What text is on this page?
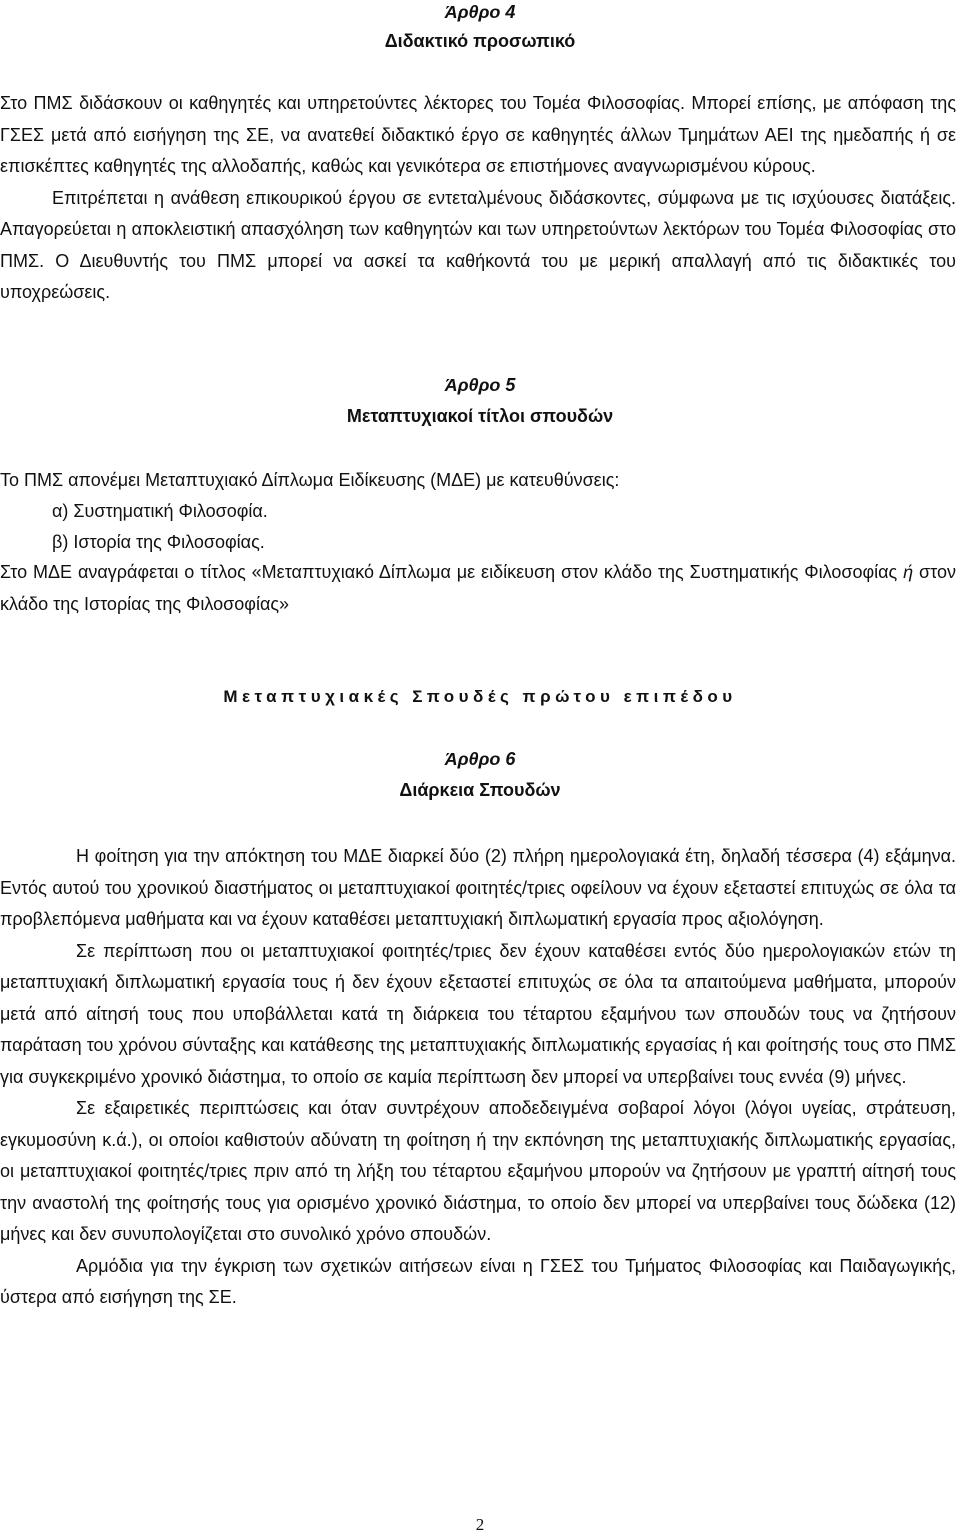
Άρθρο 4
Διδακτικό προσωπικό

Στο ΠΜΣ διδάσκουν οι καθηγητές και υπηρετούντες λέκτορες του Τομέα Φιλοσοφίας. Μπορεί επίσης, με απόφαση της ΓΣΕΣ μετά από εισήγηση της ΣΕ, να ανατεθεί διδακτικό έργο σε καθηγητές άλλων Τμημάτων ΑΕΙ της ημεδαπής ή σε επισκέπτες καθηγητές της αλλοδαπής, καθώς και γενικότερα σε επιστήμονες αναγνωρισμένου κύρους.

Επιτρέπεται η ανάθεση επικουρικού έργου σε εντεταλμένους διδάσκοντες, σύμφωνα με τις ισχύουσες διατάξεις. Απαγορεύεται η αποκλειστική απασχόληση των καθηγητών και των υπηρετούντων λεκτόρων του Τομέα Φιλοσοφίας στο ΠΜΣ. Ο Διευθυντής του ΠΜΣ μπορεί να ασκεί τα καθήκοντά του με μερική απαλλαγή από τις διδακτικές του υποχρεώσεις.

Άρθρο 5
Μεταπτυχιακοί τίτλοι σπουδών
Το ΠΜΣ απονέμει Μεταπτυχιακό Δίπλωμα Ειδίκευσης (ΜΔΕ) με κατευθύνσεις:
α) Συστηματική Φιλοσοφία.
β) Ιστορία της Φιλοσοφίας.

Στο ΜΔΕ αναγράφεται ο τίτλος «Μεταπτυχιακό Δίπλωμα με ειδίκευση στον κλάδο της Συστηματικής Φιλοσοφίας ή στον κλάδο της Ιστορίας της Φιλοσοφίας»

Μεταπτυχιακές Σπουδές πρώτου επιπέδου
Άρθρο 6
Διάρκεια Σπουδών

Η φοίτηση για την απόκτηση του ΜΔΕ διαρκεί δύο (2) πλήρη ημερολογιακά έτη, δηλαδή τέσσερα (4) εξάμηνα. Εντός αυτού του χρονικού διαστήματος οι μεταπτυχιακοί φοιτητές/τριες οφείλουν να έχουν εξεταστεί επιτυχώς σε όλα τα προβλεπόμενα μαθήματα και να έχουν καταθέσει μεταπτυχιακή διπλωματική εργασία προς αξιολόγηση.

Σε περίπτωση που οι μεταπτυχιακοί φοιτητές/τριες δεν έχουν καταθέσει εντός δύο ημερολογιακών ετών τη μεταπτυχιακή διπλωματική εργασία τους ή δεν έχουν εξεταστεί επιτυχώς σε όλα τα απαιτούμενα μαθήματα, μπορούν μετά από αίτησή τους που υποβάλλεται κατά τη διάρκεια του τέταρτου εξαμήνου των σπουδών τους να ζητήσουν παράταση του χρόνου σύνταξης και κατάθεσης της μεταπτυχιακής διπλωματικής εργασίας ή και φοίτησής τους στο ΠΜΣ για συγκεκριμένο χρονικό διάστημα, το οποίο σε καμία περίπτωση δεν μπορεί να υπερβαίνει τους εννέα (9) μήνες.

Σε εξαιρετικές περιπτώσεις και όταν συντρέχουν αποδεδειγμένα σοβαροί λόγοι (λόγοι υγείας, στράτευση, εγκυμοσύνη κ.ά.), οι οποίοι καθιστούν αδύνατη τη φοίτηση ή την εκπόνηση της μεταπτυχιακής διπλωματικής εργασίας, οι μεταπτυχιακοί φοιτητές/τριες πριν από τη λήξη του τέταρτου εξαμήνου μπορούν να ζητήσουν με γραπτή αίτησή τους την αναστολή της φοίτησής τους για ορισμένο χρονικό διάστημα, το οποίο δεν μπορεί να υπερβαίνει τους δώδεκα (12) μήνες και δεν συνυπολογίζεται στο συνολικό χρόνο σπουδών.

Αρμόδια για την έγκριση των σχετικών αιτήσεων είναι η ΓΣΕΣ του Τμήματος Φιλοσοφίας και Παιδαγωγικής, ύστερα από εισήγηση της ΣΕ.

2
